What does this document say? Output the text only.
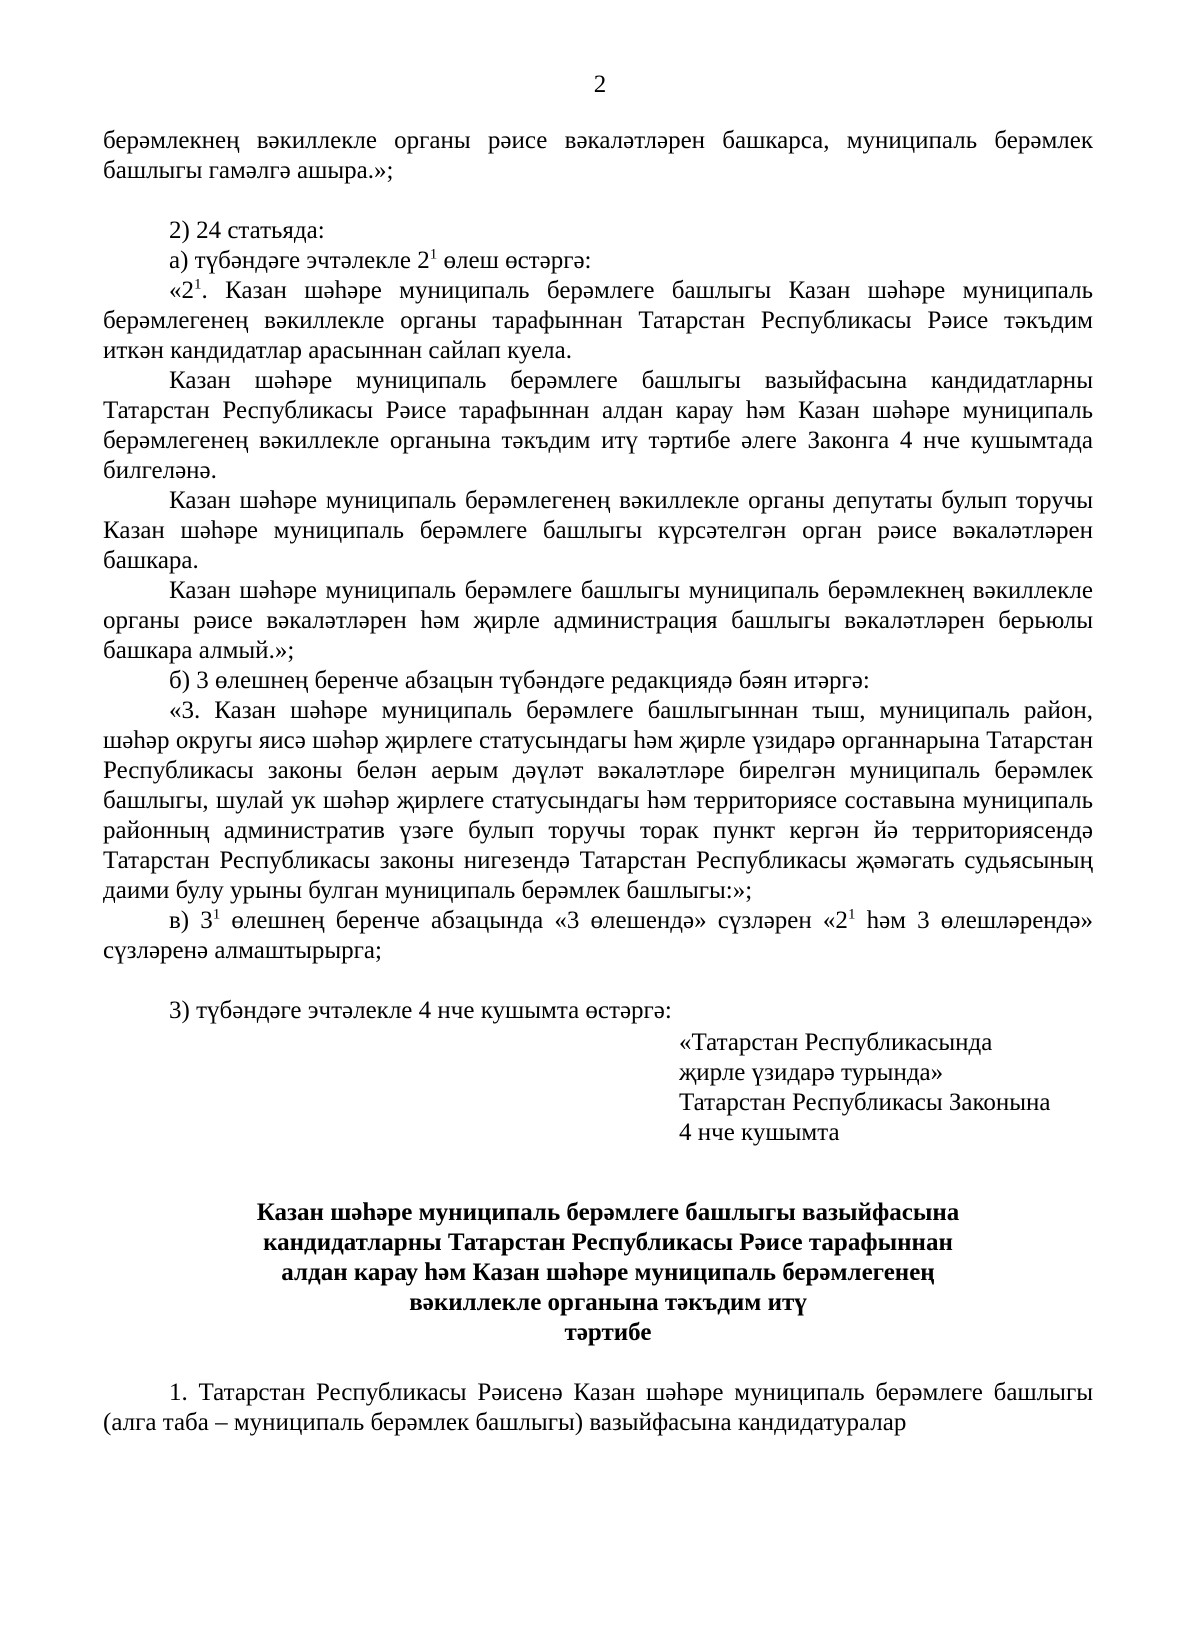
2

берәмлекнең вәкиллекле органы рәисе вәкаләтләрен башкарса, муниципаль берәмлек башлыгы гамәлгә ашыра.»;

2) 24 статьяда:

а) түбәндәге эчтәлекле $2^1$ өлеш өстәргә:

«$2^1$. Казан шәһәре муниципаль берәмлеге башлыгы Казан шәһәре муниципаль берәмлегенең вәкиллекле органы тарафыннан Татарстан Республикасы Рәисе тәкъдим иткән кандидатлар арасыннан сайлап куела.

Казан шәһәре муниципаль берәмлеге башлыгы вазыйфасына кандидатларны Татарстан Республикасы Рәисе тарафыннан алдан карау һәм Казан шәһәре муниципаль берәмлегенең вәкиллекле органына тәкъдим итү тәртибе әлеге Законга 4 нче кушымтада билгеләнә.

Казан шәһәре муниципаль берәмлегенең вәкиллекле органы депутаты булып торучы Казан шәһәре муниципаль берәмлеге башлыгы күрсәтелгән орган рәисе вәкаләтләрен башкара.

Казан шәһәре муниципаль берәмлеге башлыгы муниципаль берәмлекнең вәкиллекле органы рәисе вәкаләтләрен һәм җирле администрация башлыгы вәкаләтләрен берьюлы башкара алмый.»;

б) 3 өлешнең беренче абзацын түбәндәге редакциядә бәян итәргә:

«3. Казан шәһәре муниципаль берәмлеге башлыгыннан тыш, муниципаль район, шәһәр округы яисә шәһәр җирлеге статусындагы һәм җирле үзидарә органнарына Татарстан Республикасы законы белән аерым дәүләт вәкаләтләре бирелгән муниципаль берәмлек башлыгы, шулай ук шәһәр җирлеге статусындагы һәм территориясе составына муниципаль районның административ үзәге булып торучы торак пункт кергән йә территориясендә Татарстан Республикасы законы нигезендә Татарстан Республикасы җәмәгать судьясының даими булу урыны булган муниципаль берәмлек башлыгы:»;

в) $3^1$ өлешнең беренче абзацында «3 өлешендә» сүзләрен «$2^1$ һәм 3 өлешләрендә» сүзләренә алмаштырырга;

3) түбәндәге эчтәлекле 4 нче кушымта өстәргә:

«Татарстан Республикасында
җирле үзидарә турында»
Татарстан Республикасы Законына
4 нче кушымта
Казан шәһәре муниципаль берәмлеге башлыгы вазыйфасына
кандидатларны Татарстан Республикасы Рәисе тарафыннан
алдан карау һәм Казан шәһәре муниципаль берәмлегенең
вәкиллекле органына тәкъдим итү
тәртибе

1. Татарстан Республикасы Рәисенә Казан шәһәре муниципаль берәмлеге башлыгы (алга таба – муниципаль берәмлек башлыгы) вазыйфасына кандидатуралар
